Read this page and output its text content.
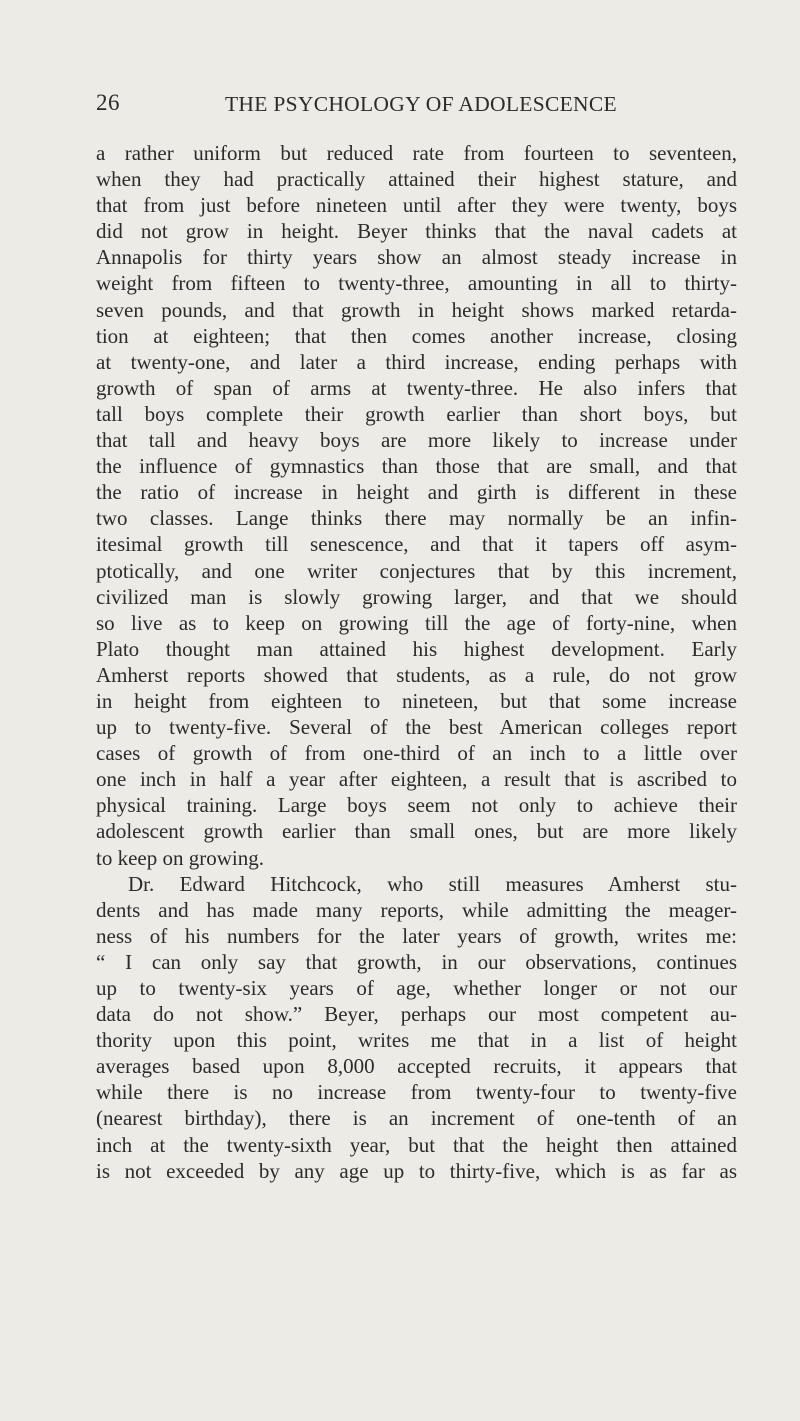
26	THE PSYCHOLOGY OF ADOLESCENCE
a rather uniform but reduced rate from fourteen to seventeen,
when they had practically attained their highest stature, and
that from just before nineteen until after they were twenty, boys
did not grow in height. Beyer thinks that the naval cadets at
Annapolis for thirty years show an almost steady increase in
weight from fifteen to twenty-three, amounting in all to thirty-
seven pounds, and that growth in height shows marked retarda-
tion at eighteen; that then comes another increase, closing
at twenty-one, and later a third increase, ending perhaps with
growth of span of arms at twenty-three. He also infers that
tall boys complete their growth earlier than short boys, but
that tall and heavy boys are more likely to increase under
the influence of gymnastics than those that are small, and that
the ratio of increase in height and girth is different in these
two classes. Lange thinks there may normally be an infin-
itesimal growth till senescence, and that it tapers off asym-
ptotically, and one writer conjectures that by this increment,
civilized man is slowly growing larger, and that we should
so live as to keep on growing till the age of forty-nine, when
Plato thought man attained his highest development. Early
Amherst reports showed that students, as a rule, do not grow
in height from eighteen to nineteen, but that some increase
up to twenty-five. Several of the best American colleges report
cases of growth of from one-third of an inch to a little over
one inch in half a year after eighteen, a result that is ascribed to
physical training. Large boys seem not only to achieve their
adolescent growth earlier than small ones, but are more likely
to keep on growing.
Dr. Edward Hitchcock, who still measures Amherst stu-
dents and has made many reports, while admitting the meager-
ness of his numbers for the later years of growth, writes me:
“ I can only say that growth, in our observations, continues
up to twenty-six years of age, whether longer or not our
data do not show.” Beyer, perhaps our most competent au-
thority upon this point, writes me that in a list of height
averages based upon 8,000 accepted recruits, it appears that
while there is no increase from twenty-four to twenty-five
(nearest birthday), there is an increment of one-tenth of an
inch at the twenty-sixth year, but that the height then attained
is not exceeded by any age up to thirty-five, which is as far as
